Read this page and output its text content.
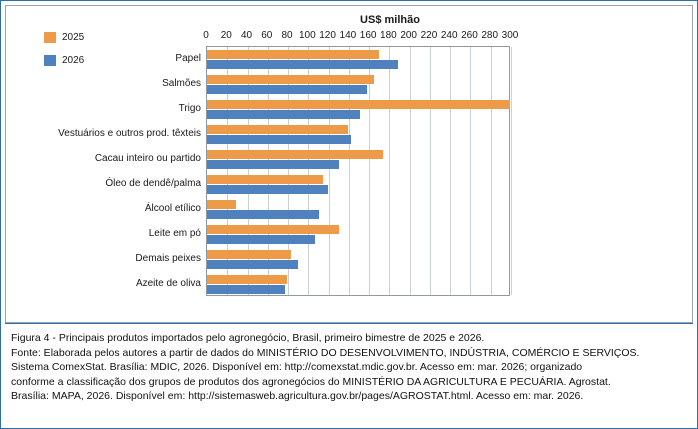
US$ milhão
2025
2026	Papel
Salmões
Trigo
Vestuários e outros prod. têxteis
Cacau inteiro ou partido
Óleo de dendê/palma
Álcool etílico
Leite em pó
Demais peixes
Azeite de oliva
0 20 40 60 80 100 120 140 160 180 200 220 240 260 280 300

Figura 4 - Principais produtos importados pelo agronegócio, Brasil, primeiro bimestre de 2025 e 2026.

Fonte: Elaborada pelos autores a partir de dados do MINISTÉRIO DO DESENVOLVIMENTO, INDÚSTRIA, COMÉRCIO E SERVIÇOS.

Sistema ComexStat. Brasília: MDIC, 2026. Disponível em: http://comexstat.mdic.gov.br. Acesso em: mar. 2026; organizado

conforme a classificação dos grupos de produtos dos agronegócios do MINISTÉRIO DA AGRICULTURA E PECUÁRIA. Agrostat.

Brasília: MAPA, 2026. Disponível em: http://sistemasweb.agricultura.gov.br/pages/AGROSTAT.html. Acesso em: mar. 2026.
